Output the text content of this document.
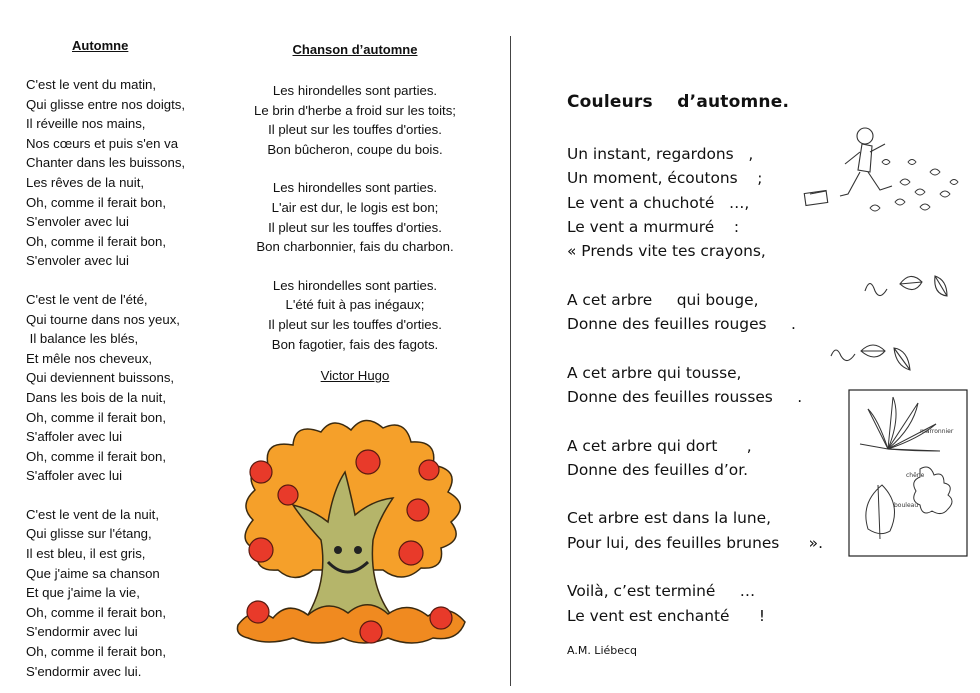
Automne
C'est le vent du matin,
Qui glisse entre nos doigts,
Il réveille nos mains,
Nos cœurs et puis s'en va
Chanter dans les buissons,
Les rêves de la nuit,
Oh, comme il ferait bon,
S'envoler avec lui
Oh, comme il ferait bon,
S'envoler avec lui
C'est le vent de l'été,
Qui tourne dans nos yeux,
Il balance les blés,
Et mêle nos cheveux,
Qui deviennent buissons,
Dans les bois de la nuit,
Oh, comme il ferait bon,
S'affoler avec lui
Oh, comme il ferait bon,
S'affoler avec lui
C'est le vent de la nuit,
Qui glisse sur l'étang,
Il est bleu, il est gris,
Que j'aime sa chanson
Et que j'aime la vie,
Oh, comme il ferait bon,
S'endormir avec lui
Oh, comme il ferait bon,
S'endormir avec lui.
Chanson d’automne
Les hirondelles sont parties.
Le brin d'herbe a froid sur les toits;
Il pleut sur les touffes d'orties.
Bon bûcheron, coupe du bois.
Les hirondelles sont parties.
L'air est dur, le logis est bon;
Il pleut sur les touffes d'orties.
Bon charbonnier, fais du charbon.
Les hirondelles sont parties.
L'été fuit à pas inégaux;
Il pleut sur les touffes d'orties.
Bon fagotier, fais des fagots.
Victor Hugo
Couleurs    d’automne.
Un instant, regardons   ,
Un moment, écoutons    ;
Le vent a chuchoté   …,
Le vent a murmuré    :
« Prends vite tes crayons,
A cet arbre     qui bouge,
Donne des feuilles rouges     .
A cet arbre qui tousse,
Donne des feuilles rousses     .
A cet arbre qui dort      ,
Donne des feuilles d’or.
Cet arbre est dans la lune,
Pour lui, des feuilles brunes      ».
Voilà, c’est terminé     …
Le vent est enchanté      !
A.M. Liébecq
marronnier
chêne
bouleau
